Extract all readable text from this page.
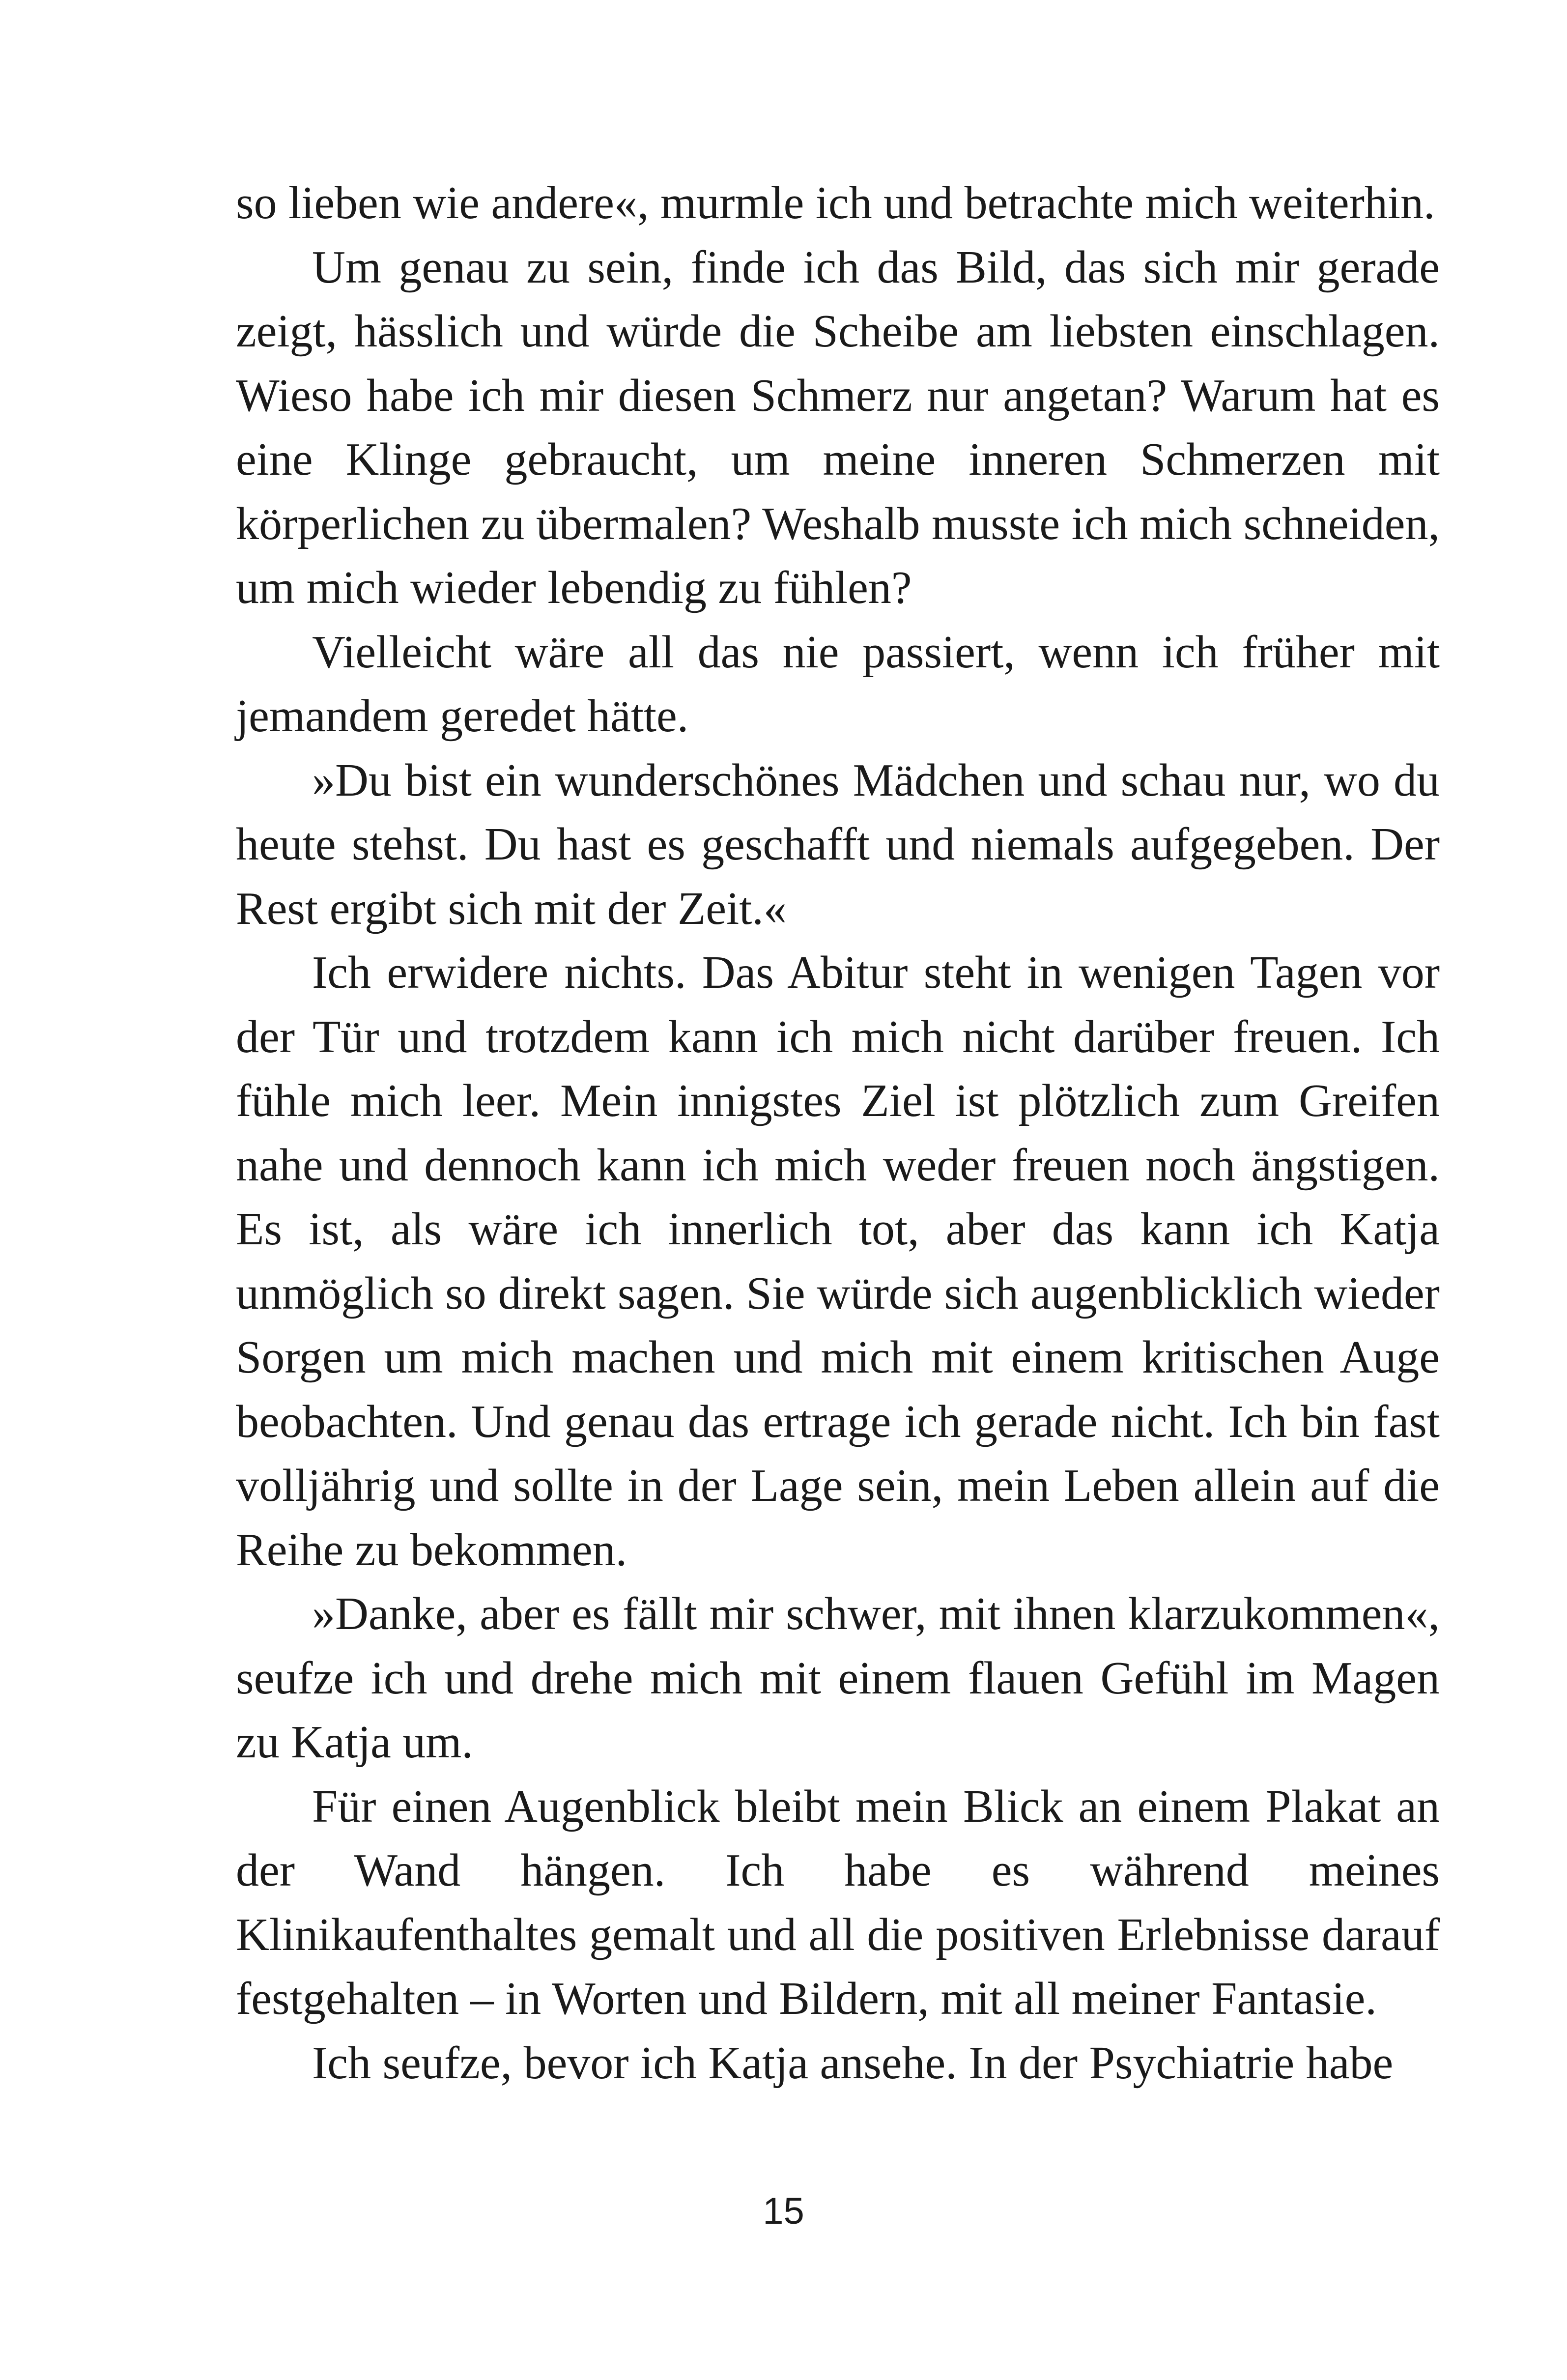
so lieben wie andere«, murmle ich und betrachte mich weiterhin.

Um genau zu sein, finde ich das Bild, das sich mir gerade zeigt, hässlich und würde die Scheibe am liebsten einschlagen. Wieso habe ich mir diesen Schmerz nur angetan? Warum hat es eine Klinge gebraucht, um meine inneren Schmerzen mit körperlichen zu übermalen? Weshalb musste ich mich schneiden, um mich wieder lebendig zu fühlen?

Vielleicht wäre all das nie passiert, wenn ich früher mit jemandem geredet hätte.

»Du bist ein wunderschönes Mädchen und schau nur, wo du heute stehst. Du hast es geschafft und niemals aufgegeben. Der Rest ergibt sich mit der Zeit.«

Ich erwidere nichts. Das Abitur steht in wenigen Tagen vor der Tür und trotzdem kann ich mich nicht darüber freuen. Ich fühle mich leer. Mein innigstes Ziel ist plötzlich zum Greifen nahe und dennoch kann ich mich weder freuen noch ängstigen. Es ist, als wäre ich innerlich tot, aber das kann ich Katja unmöglich so direkt sagen. Sie würde sich augenblicklich wieder Sorgen um mich machen und mich mit einem kritischen Auge beobachten. Und genau das ertrage ich gerade nicht. Ich bin fast volljährig und sollte in der Lage sein, mein Leben allein auf die Reihe zu bekommen.

»Danke, aber es fällt mir schwer, mit ihnen klarzukommen«, seufze ich und drehe mich mit einem flauen Gefühl im Magen zu Katja um.

Für einen Augenblick bleibt mein Blick an einem Plakat an der Wand hängen. Ich habe es während meines Klinikaufenthaltes gemalt und all die positiven Erlebnisse darauf festgehalten – in Worten und Bildern, mit all meiner Fantasie.

Ich seufze, bevor ich Katja ansehe. In der Psychiatrie habe

15
